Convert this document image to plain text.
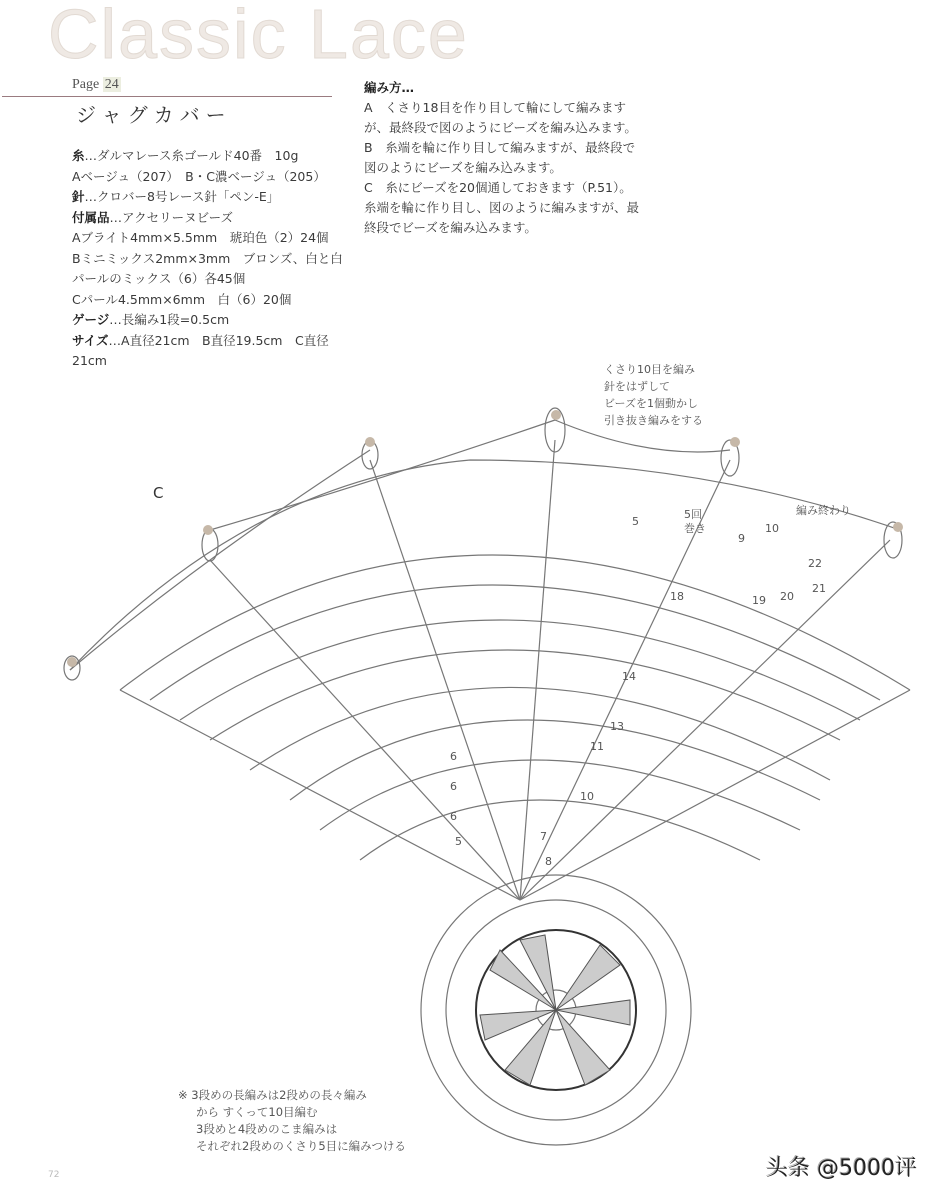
Classic Lace
Page 24
ジャグカバー
糸…ダルマレース糸ゴールド40番　10g
Aベージュ（207）　B・C濃ベージュ（205）
針…クロバー8号レース針「ペン-E」
付属品…アクセリーヌビーズ
Aブライト4mm×5.5mm　琥珀色（2）24個
Bミニミックス2mm×3mm　ブロンズ、白と白パールのミックス（6）各45個
Cパール4.5mm×6mm　白（6）20個
ゲージ…長編み1段=0.5cm
サイズ…A直径21cm　B直径19.5cm　C直径21cm
編み方…

A　くさり18目を作り目して輪にして編みますが、最終段で図のようにビーズを編み込みます。

B　糸端を輪に作り目して編みますが、最終段で図のようにビーズを編み込みます。

C　糸にビーズを20個通しておきます（P.51）。糸端を輪に作り目し、図のように編みますが、最終段でビーズを編み込みます。

6
6
6
5	7
8
10
11
13
14
18	19 20
21
22
5
9
10
C
くさり10目を編み
針をはずして
ビーズを1個動かし
引き抜き編みをする
編み終わり
5回
巻き
※ 3段めの長編みは2段めの長々編み
から すくって10目編む
3段めと4段めのこま編みは
それぞれ2段めのくさり5目に編みつける
72	头条 @5000评
